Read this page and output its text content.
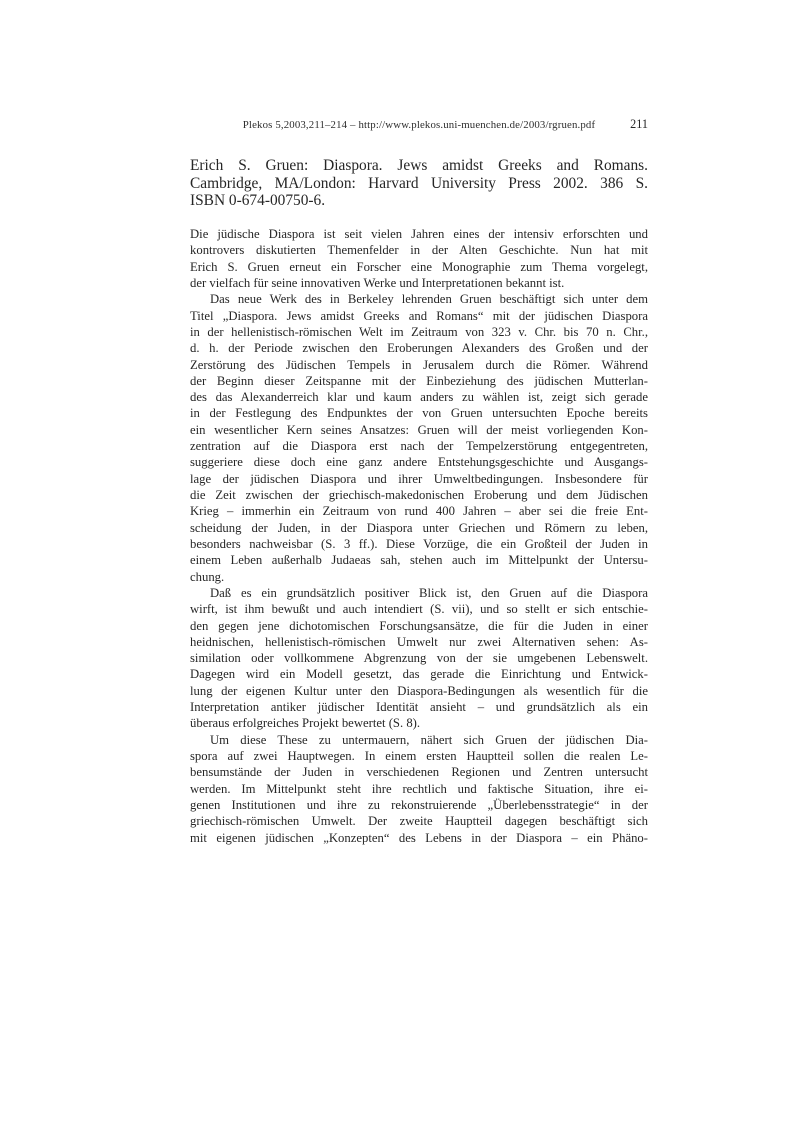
Plekos 5,2003,211–214 – http://www.plekos.uni-muenchen.de/2003/rgruen.pdf	211
Erich S. Gruen: Diaspora. Jews amidst Greeks and Romans.
Cambridge, MA/London: Harvard University Press 2002. 386 S.
ISBN 0-674-00750-6.
Die jüdische Diaspora ist seit vielen Jahren eines der intensiv erforschten und
kontrovers diskutierten Themenfelder in der Alten Geschichte. Nun hat mit
Erich S. Gruen erneut ein Forscher eine Monographie zum Thema vorgelegt,
der vielfach für seine innovativen Werke und Interpretationen bekannt ist.
Das neue Werk des in Berkeley lehrenden Gruen beschäftigt sich unter dem
Titel „Diaspora. Jews amidst Greeks and Romans“ mit der jüdischen Diaspora
in der hellenistisch-römischen Welt im Zeitraum von 323 v. Chr. bis 70 n. Chr.,
d. h. der Periode zwischen den Eroberungen Alexanders des Großen und der
Zerstörung des Jüdischen Tempels in Jerusalem durch die Römer. Während
der Beginn dieser Zeitspanne mit der Einbeziehung des jüdischen Mutterlan-
des das Alexanderreich klar und kaum anders zu wählen ist, zeigt sich gerade
in der Festlegung des Endpunktes der von Gruen untersuchten Epoche bereits
ein wesentlicher Kern seines Ansatzes: Gruen will der meist vorliegenden Kon-
zentration auf die Diaspora erst nach der Tempelzerstörung entgegentreten,
suggeriere diese doch eine ganz andere Entstehungsgeschichte und Ausgangs-
lage der jüdischen Diaspora und ihrer Umweltbedingungen. Insbesondere für
die Zeit zwischen der griechisch-makedonischen Eroberung und dem Jüdischen
Krieg – immerhin ein Zeitraum von rund 400 Jahren – aber sei die freie Ent-
scheidung der Juden, in der Diaspora unter Griechen und Römern zu leben,
besonders nachweisbar (S. 3 ff.). Diese Vorzüge, die ein Großteil der Juden in
einem Leben außerhalb Judaeas sah, stehen auch im Mittelpunkt der Untersu-
chung.
Daß es ein grundsätzlich positiver Blick ist, den Gruen auf die Diaspora
wirft, ist ihm bewußt und auch intendiert (S. vii), und so stellt er sich entschie-
den gegen jene dichotomischen Forschungsansätze, die für die Juden in einer
heidnischen, hellenistisch-römischen Umwelt nur zwei Alternativen sehen: As-
similation oder vollkommene Abgrenzung von der sie umgebenen Lebenswelt.
Dagegen wird ein Modell gesetzt, das gerade die Einrichtung und Entwick-
lung der eigenen Kultur unter den Diaspora-Bedingungen als wesentlich für die
Interpretation antiker jüdischer Identität ansieht – und grundsätzlich als ein
überaus erfolgreiches Projekt bewertet (S. 8).
Um diese These zu untermauern, nähert sich Gruen der jüdischen Dia-
spora auf zwei Hauptwegen. In einem ersten Hauptteil sollen die realen Le-
bensumstände der Juden in verschiedenen Regionen und Zentren untersucht
werden. Im Mittelpunkt steht ihre rechtlich und faktische Situation, ihre ei-
genen Institutionen und ihre zu rekonstruierende „Überlebensstrategie“ in der
griechisch-römischen Umwelt. Der zweite Hauptteil dagegen beschäftigt sich
mit eigenen jüdischen „Konzepten“ des Lebens in der Diaspora – ein Phäno-
